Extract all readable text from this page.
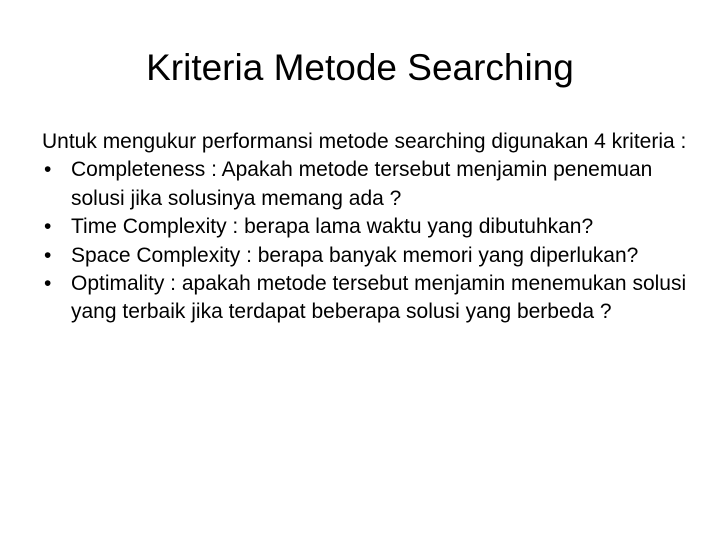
Kriteria Metode Searching

Untuk mengukur performansi metode searching digunakan 4 kriteria :

• Completeness : Apakah metode tersebut menjamin penemuan solusi jika solusinya memang ada ?
• Time Complexity : berapa lama waktu yang dibutuhkan?
• Space Complexity : berapa banyak memori yang diperlukan?
• Optimality : apakah metode tersebut menjamin menemukan solusi yang terbaik jika terdapat beberapa solusi yang berbeda ?
